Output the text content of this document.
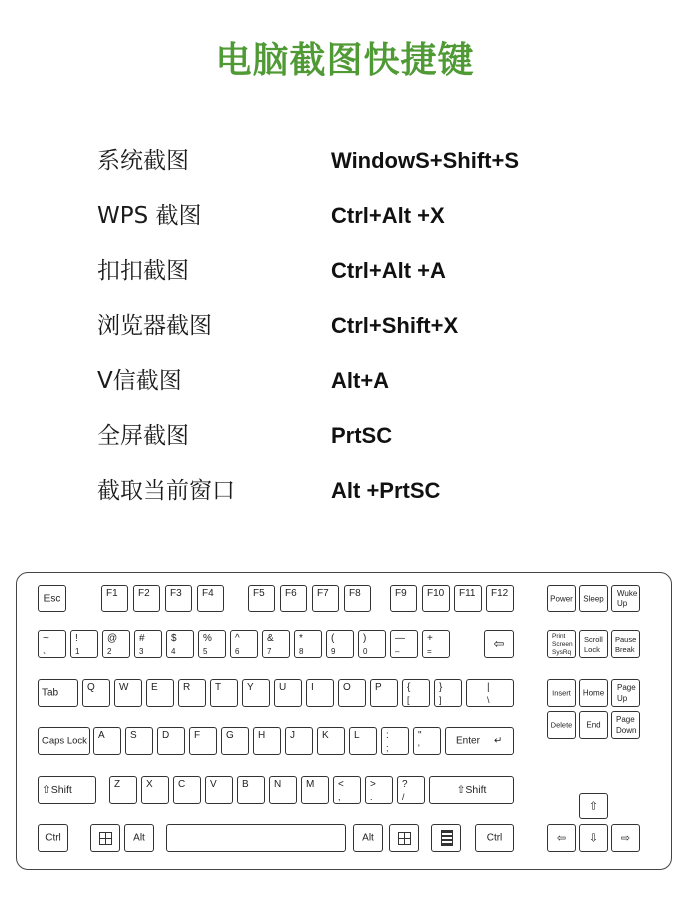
电脑截图快捷键
系统截图	WindowS+Shift+S
WPS 截图	Ctrl+Alt +X
扣扣截图	Ctrl+Alt +A
浏览器截图	Ctrl+Shift+X
V信截图	Alt+A
全屏截图	PrtSC
截取当前窗口	Alt +PrtSC
Esc	F1 F2 F3 F4	F5 F6 F7 F8	F9 F10 F11 F12	Power	Sleep
Wuke
Up
~
、
!
1
@
2
#
3
$
4
%
5
^
6
&
7
*
8
(
9
)
0
—
–
+
=
⇦	Print
Screen
SysRq
Scroll
Lock
Pause
Break
Tab	Q W E	R T	Y	U I	O P	{
[
}
]
|
\
Insert	Home
Page
Up
Caps Lock A	S	D F	G H J	K	L	:
;
"
'
Enter ↵
Delete	End
Page
Down
⇧Shift	Z	X	C V	B	N M <
,
>
.
?
/
⇧Shift
⇧
Ctrl	Alt	Alt	Ctrl	⇦	⇩	⇨
